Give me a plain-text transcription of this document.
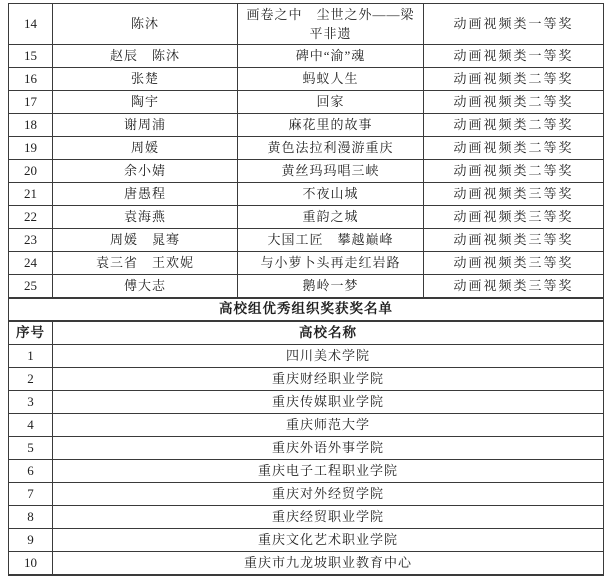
14	陈沐	画卷之中　尘世之外——梁平非遗	动画视频类一等奖
15	赵辰　陈沐	碑中“渝”魂	动画视频类一等奖
16	张楚	蚂蚁人生	动画视频类二等奖
17	陶宇	回家	动画视频类二等奖
18	谢周浦	麻花里的故事	动画视频类二等奖
19	周媛	黄色法拉利漫游重庆	动画视频类二等奖
20	余小婧	黄丝玛玛唱三峡	动画视频类二等奖
21	唐愚程	不夜山城	动画视频类三等奖
22	袁海燕	重韵之城	动画视频类三等奖
23	周媛　晁骞	大国工匠　攀越巅峰	动画视频类三等奖
24	袁三省　王欢妮	与小萝卜头再走红岩路	动画视频类三等奖
25	傅大志	鹅岭一梦	动画视频类三等奖
高校组优秀组织奖获奖名单			
序号	高校名称		
1	四川美术学院		
2	重庆财经职业学院		
3	重庆传媒职业学院		
4	重庆师范大学		
5	重庆外语外事学院		
6	重庆电子工程职业学院		
7	重庆对外经贸学院		
8	重庆经贸职业学院		
9	重庆文化艺术职业学院		
10	重庆市九龙坡职业教育中心		
